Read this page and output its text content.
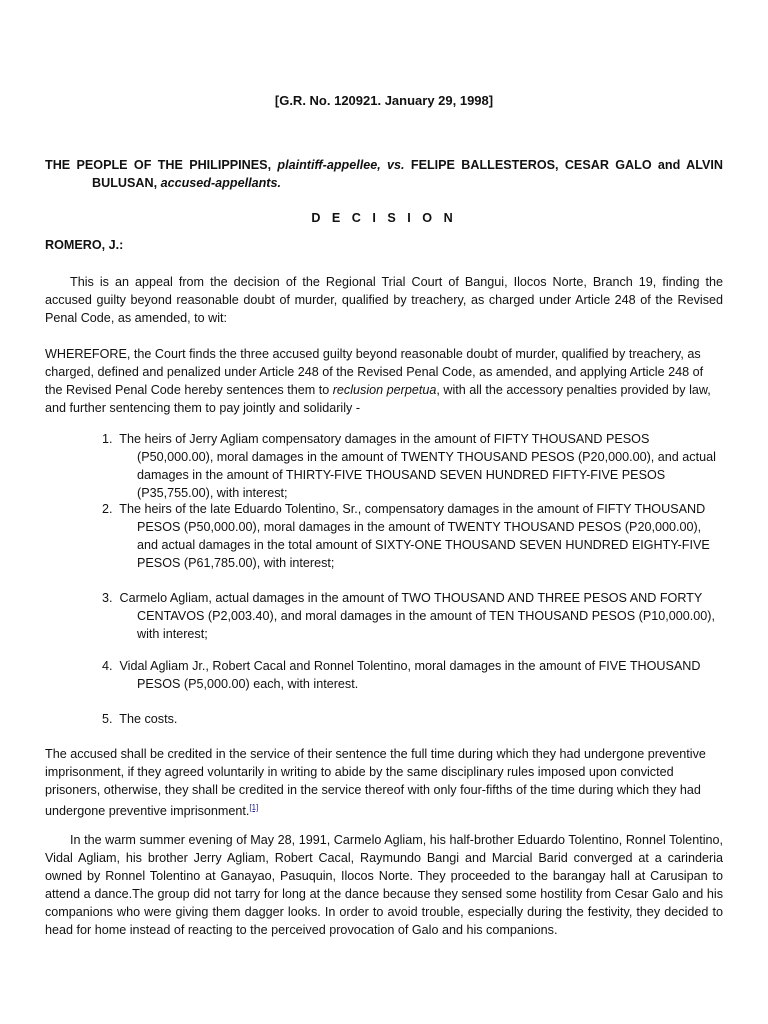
[G.R. No. 120921. January 29, 1998]
THE PEOPLE OF THE PHILIPPINES, plaintiff-appellee, vs. FELIPE BALLESTEROS, CESAR GALO and ALVIN
BULUSAN, accused-appellants.
D E C I S I O N
ROMERO, J.:
This is an appeal from the decision of the Regional Trial Court of Bangui, Ilocos Norte, Branch 19, finding the accused guilty beyond reasonable doubt of murder, qualified by treachery, as charged under Article 248 of the Revised Penal Code, as amended, to wit:
WHEREFORE, the Court finds the three accused guilty beyond reasonable doubt of murder, qualified by treachery, as charged, defined and penalized under Article 248 of the Revised Penal Code, as amended, and applying Article 248 of the Revised Penal Code hereby sentences them to reclusion perpetua, with all the accessory penalties provided by law, and further sentencing them to pay jointly and solidarily -
1. The heirs of Jerry Agliam compensatory damages in the amount of FIFTY THOUSAND PESOS (P50,000.00), moral damages in the amount of TWENTY THOUSAND PESOS (P20,000.00), and actual damages in the amount of THIRTY-FIVE THOUSAND SEVEN HUNDRED FIFTY-FIVE PESOS (P35,755.00), with interest;
2. The heirs of the late Eduardo Tolentino, Sr., compensatory damages in the amount of FIFTY THOUSAND PESOS (P50,000.00), moral damages in the amount of TWENTY THOUSAND PESOS (P20,000.00), and actual damages in the total amount of SIXTY-ONE THOUSAND SEVEN HUNDRED EIGHTY-FIVE PESOS (P61,785.00), with interest;
3. Carmelo Agliam, actual damages in the amount of TWO THOUSAND AND THREE PESOS AND FORTY CENTAVOS (P2,003.40), and moral damages in the amount of TEN THOUSAND PESOS (P10,000.00), with interest;
4. Vidal Agliam Jr., Robert Cacal and Ronnel Tolentino, moral damages in the amount of FIVE THOUSAND PESOS (P5,000.00) each, with interest.
5. The costs.
The accused shall be credited in the service of their sentence the full time during which they had undergone preventive imprisonment, if they agreed voluntarily in writing to abide by the same disciplinary rules imposed upon convicted prisoners, otherwise, they shall be credited in the service thereof with only four-fifths of the time during which they had undergone preventive imprisonment.[1]
In the warm summer evening of May 28, 1991, Carmelo Agliam, his half-brother Eduardo Tolentino, Ronnel Tolentino, Vidal Agliam, his brother Jerry Agliam, Robert Cacal, Raymundo Bangi and Marcial Barid converged at a carinderia owned by Ronnel Tolentino at Ganayao, Pasuquin, Ilocos Norte. They proceeded to the barangay hall at Carusipan to attend a dance.The group did not tarry for long at the dance because they sensed some hostility from Cesar Galo and his companions who were giving them dagger looks. In order to avoid trouble, especially during the festivity, they decided to head for home instead of reacting to the perceived provocation of Galo and his companions.
